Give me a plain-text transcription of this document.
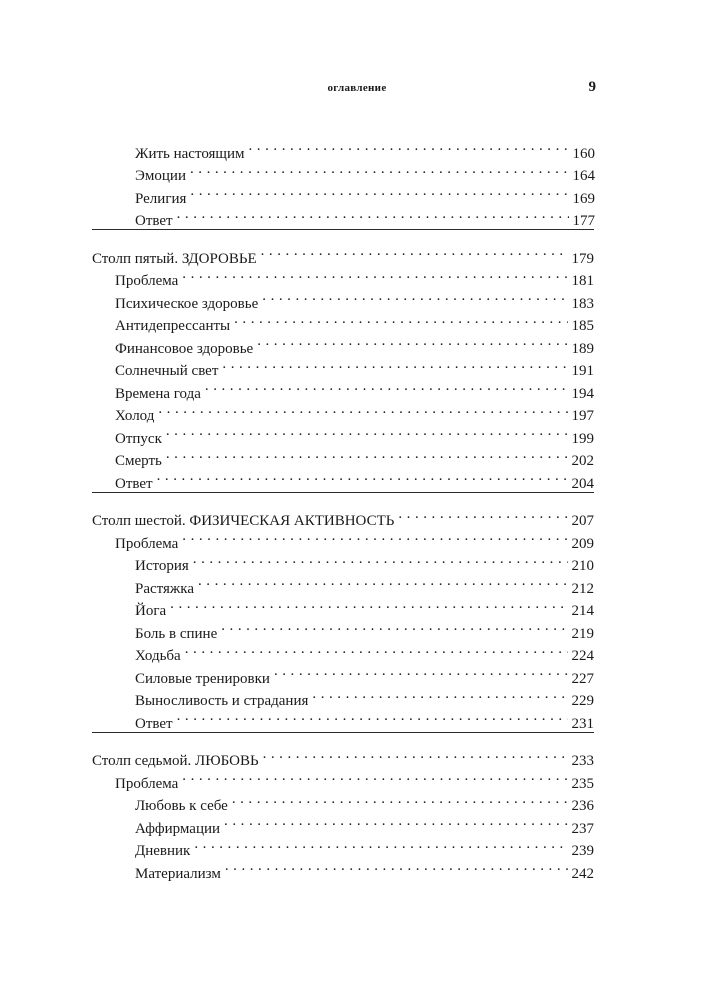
оглавление	9
Жить настоящим . . .	160
Эмоции . . .	164
Религия . . .	169
Ответ . . .	177
Столп пятый. ЗДОРОВЬЕ . . .	179
Проблема . . .	181
Психическое здоровье . . .	183
Антидепрессанты . . .	185
Финансовое здоровье . . .	189
Солнечный свет . . .	191
Времена года . . .	194
Холод . . .	197
Отпуск . . .	199
Смерть . . .	202
Ответ . . .	204
Столп шестой. ФИЗИЧЕСКАЯ АКТИВНОСТЬ . . .	207
Проблема . . .	209
История . . .	210
Растяжка . . .	212
Йога . . .	214
Боль в спине . . .	219
Ходьба . . .	224
Силовые тренировки . . .	227
Выносливость и страдания . . .	229
Ответ . . .	231
Столп седьмой. ЛЮБОВЬ . . .	233
Проблема . . .	235
Любовь к себе . . .	236
Аффирмации . . .	237
Дневник . . .	239
Материализм . . .	242
